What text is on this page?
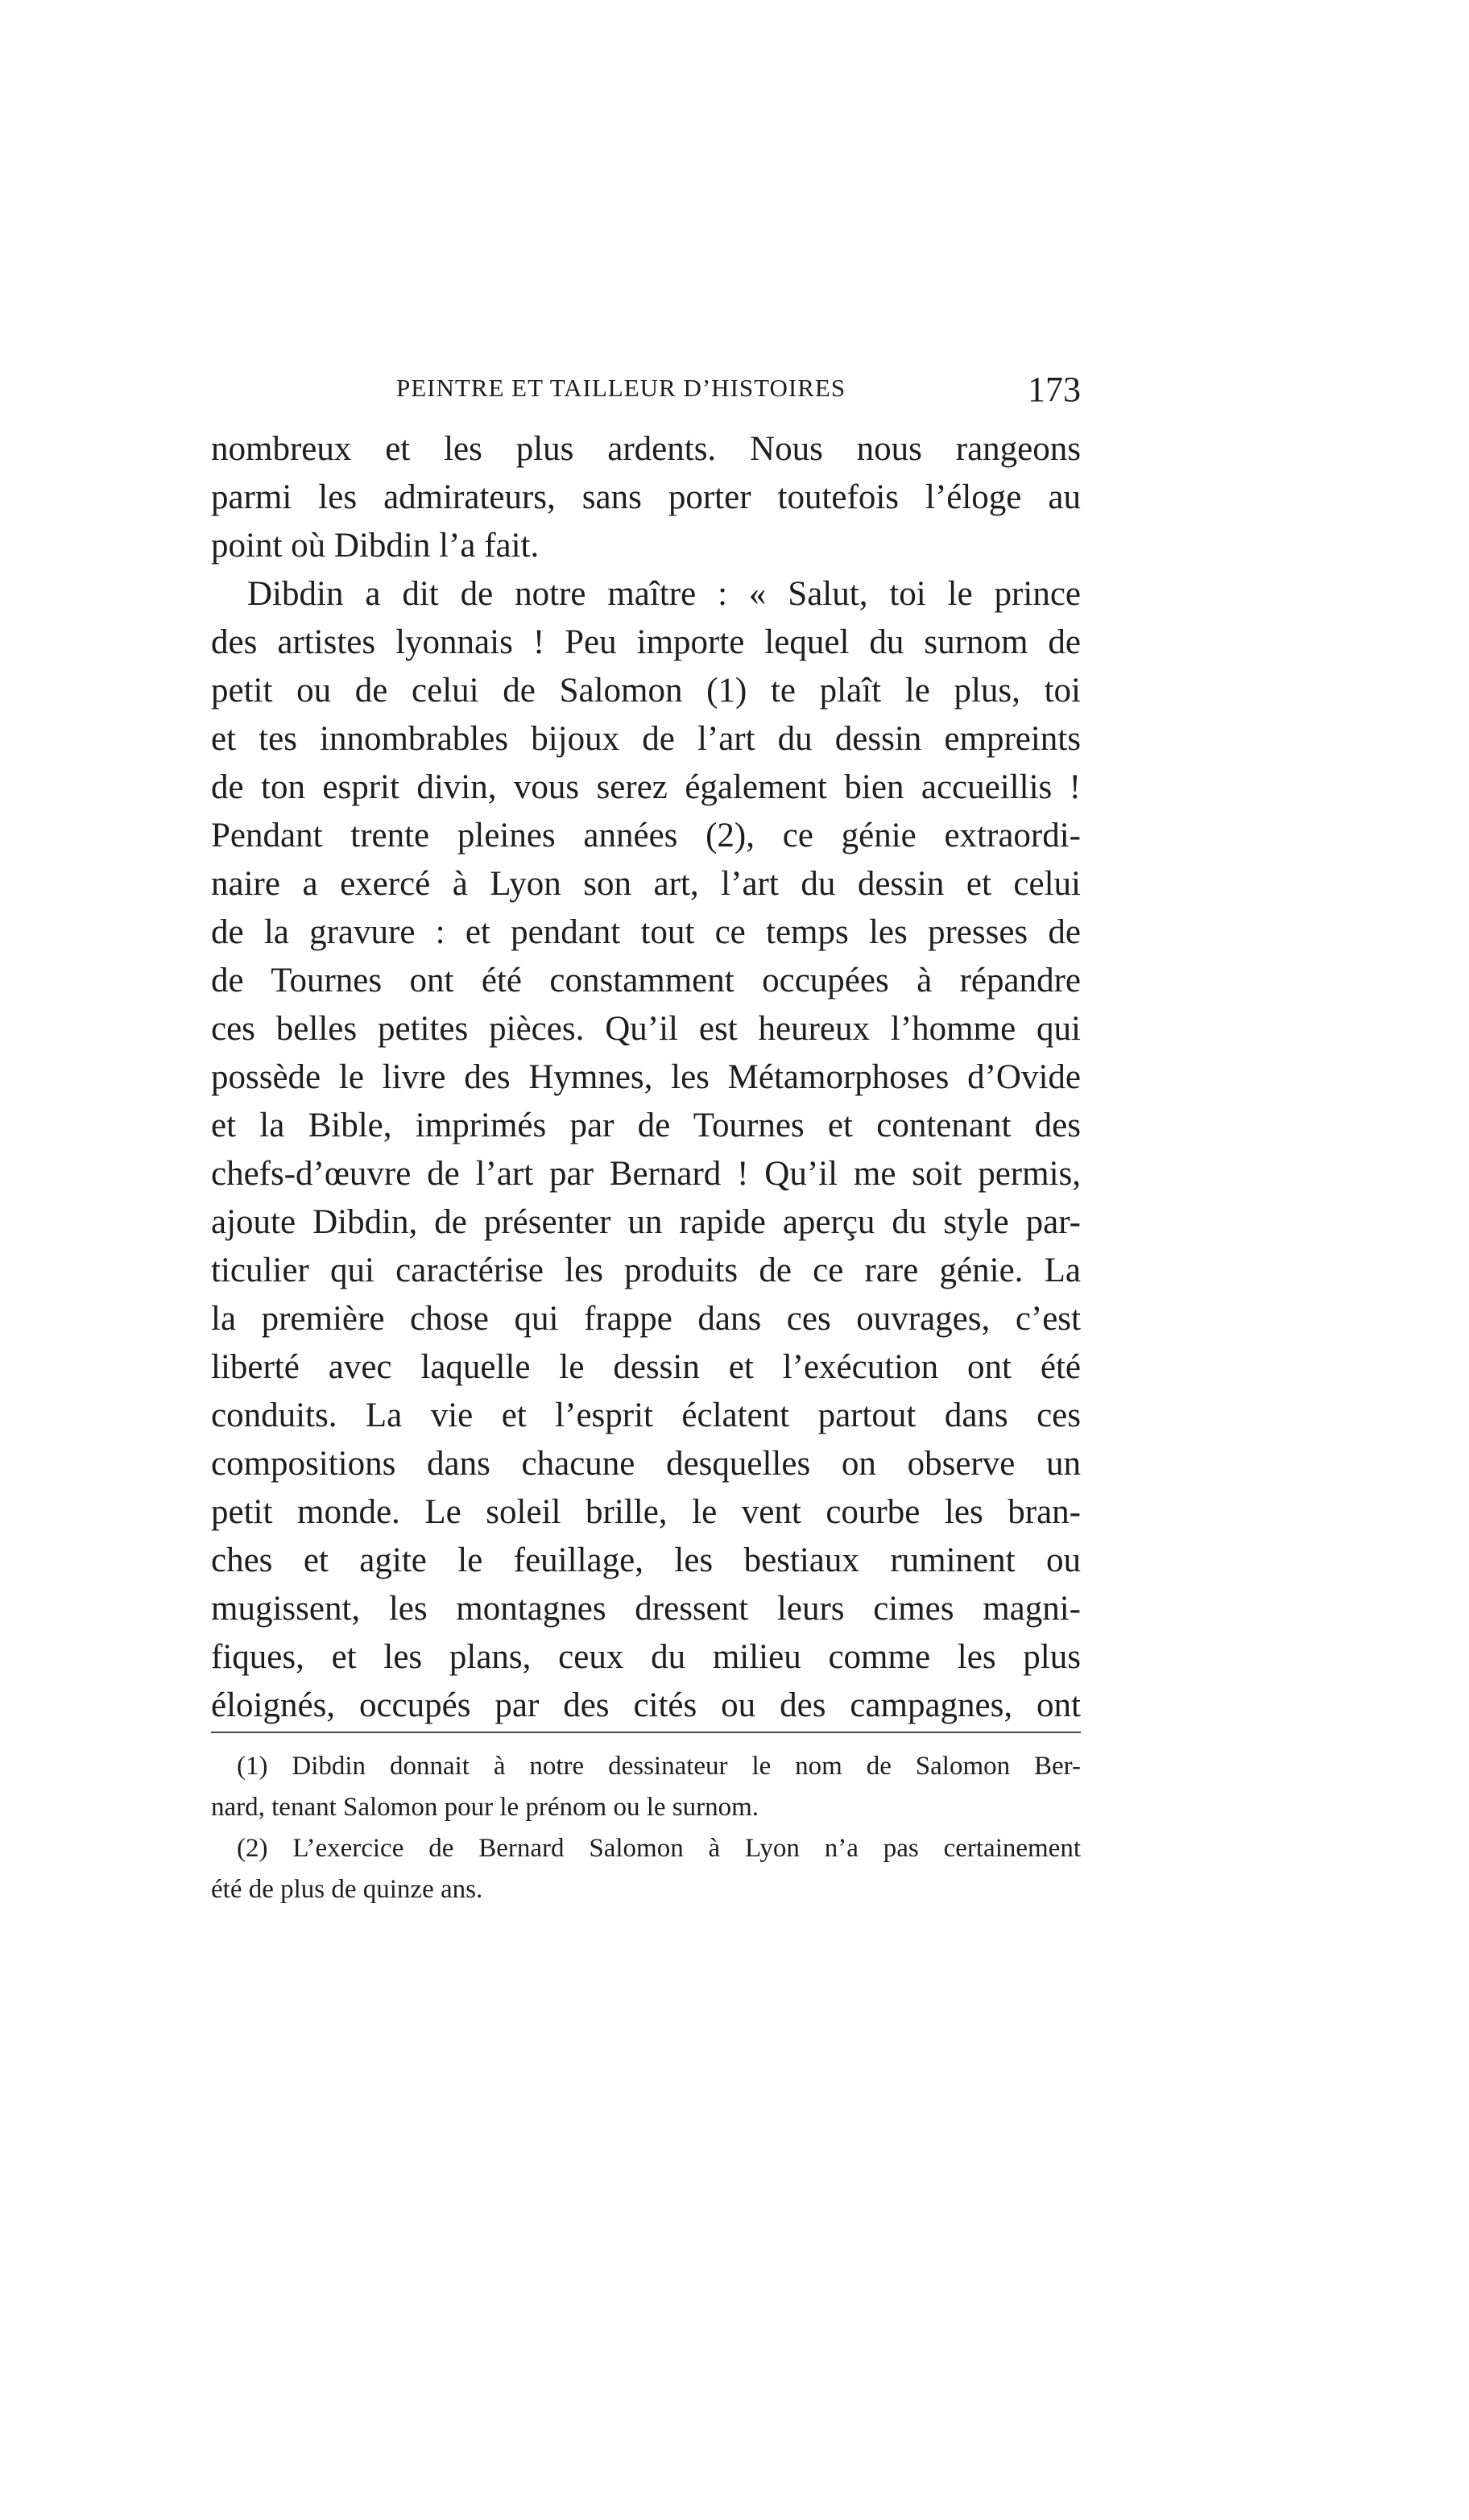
PEINTRE ET TAILLEUR D’HISTOIRES	173
nombreux et les plus ardents. Nous nous rangeons
parmi les admirateurs, sans porter toutefois l’éloge au
point où Dibdin l’a fait.
Dibdin a dit de notre maître : « Salut, toi le prince
des artistes lyonnais ! Peu importe lequel du surnom de
petit ou de celui de Salomon (1) te plaît le plus, toi
et tes innombrables bijoux de l’art du dessin empreints
de ton esprit divin, vous serez également bien accueillis !
Pendant trente pleines années (2), ce génie extraordi-
naire a exercé à Lyon son art, l’art du dessin et celui
de la gravure : et pendant tout ce temps les presses de
de Tournes ont été constamment occupées à répandre
ces belles petites pièces. Qu’il est heureux l’homme qui
possède le livre des Hymnes, les Métamorphoses d’Ovide
et la Bible, imprimés par de Tournes et contenant des
chefs-d’œuvre de l’art par Bernard ! Qu’il me soit permis,
ajoute Dibdin, de présenter un rapide aperçu du style par-
ticulier qui caractérise les produits de ce rare génie. La
la première chose qui frappe dans ces ouvrages, c’est
liberté avec laquelle le dessin et l’exécution ont été
conduits. La vie et l’esprit éclatent partout dans ces
compositions dans chacune desquelles on observe un
petit monde. Le soleil brille, le vent courbe les bran-
ches et agite le feuillage, les bestiaux ruminent ou
mugissent, les montagnes dressent leurs cimes magni-
fiques, et les plans, ceux du milieu comme les plus
éloignés, occupés par des cités ou des campagnes, ont
(1) Dibdin donnait à notre dessinateur le nom de Salomon Ber-
nard, tenant Salomon pour le prénom ou le surnom.
(2) L’exercice de Bernard Salomon à Lyon n’a pas certainement
été de plus de quinze ans.
